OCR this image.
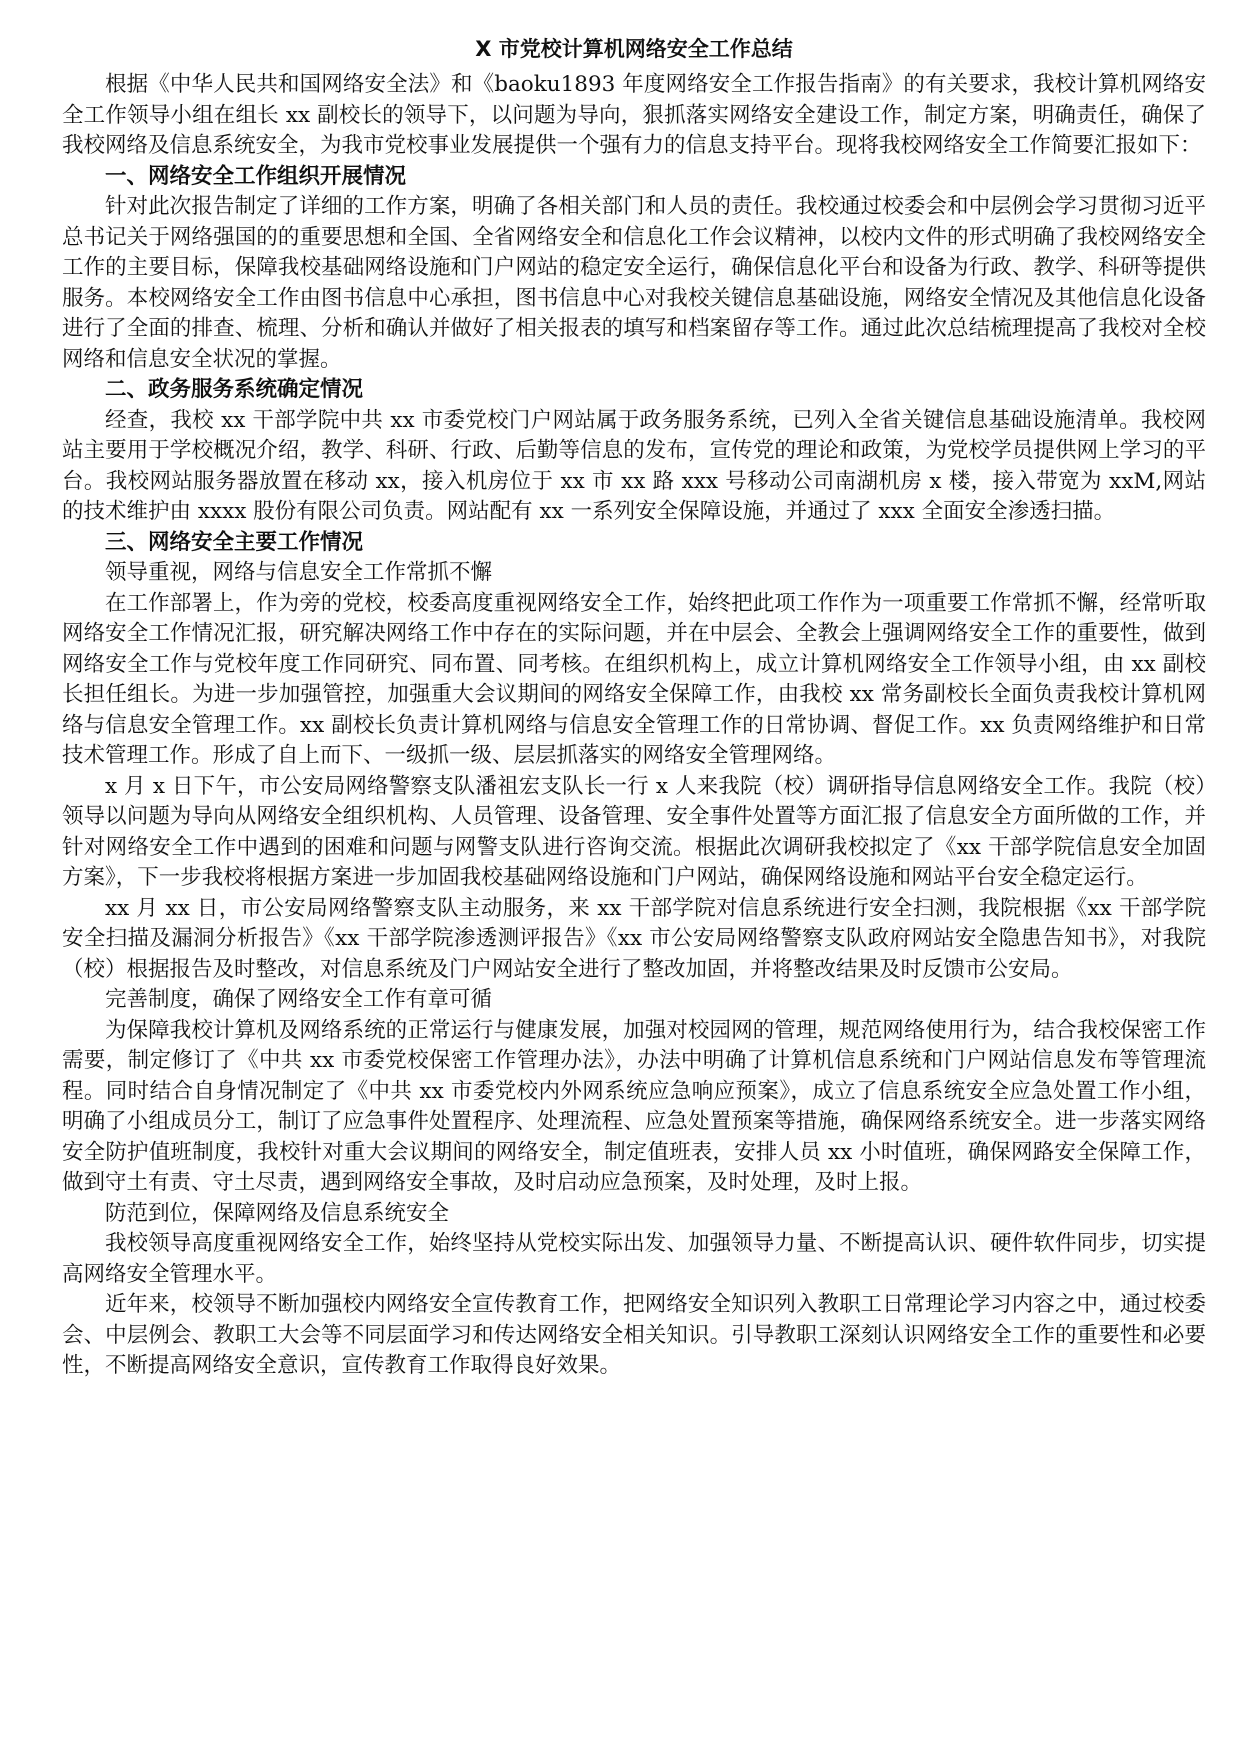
X 市党校计算机网络安全工作总结

根据《中华人民共和国网络安全法》和《baoku1893 年度网络安全工作报告指南》的有关要求，我校计算机网络安全工作领导小组在组长 xx 副校长的领导下，以问题为导向，狠抓落实网络安全建设工作，制定方案，明确责任，确保了我校网络及信息系统安全，为我市党校事业发展提供一个强有力的信息支持平台。现将我校网络安全工作简要汇报如下：

一、网络安全工作组织开展情况

针对此次报告制定了详细的工作方案，明确了各相关部门和人员的责任。我校通过校委会和中层例会学习贯彻习近平总书记关于网络强国的的重要思想和全国、全省网络安全和信息化工作会议精神，以校内文件的形式明确了我校网络安全工作的主要目标，保障我校基础网络设施和门户网站的稳定安全运行，确保信息化平台和设备为行政、教学、科研等提供服务。本校网络安全工作由图书信息中心承担，图书信息中心对我校关键信息基础设施，网络安全情况及其他信息化设备进行了全面的排查、梳理、分析和确认并做好了相关报表的填写和档案留存等工作。通过此次总结梳理提高了我校对全校网络和信息安全状况的掌握。

二、政务服务系统确定情况

经查，我校 xx 干部学院中共 xx 市委党校门户网站属于政务服务系统，已列入全省关键信息基础设施清单。我校网站主要用于学校概况介绍，教学、科研、行政、后勤等信息的发布，宣传党的理论和政策，为党校学员提供网上学习的平台。我校网站服务器放置在移动 xx，接入机房位于 xx 市 xx 路 xxx 号移动公司南湖机房 x 楼，接入带宽为 xxM,网站的技术维护由 xxxx 股份有限公司负责。网站配有 xx 一系列安全保障设施，并通过了 xxx 全面安全渗透扫描。

三、网络安全主要工作情况

领导重视，网络与信息安全工作常抓不懈

在工作部署上，作为旁的党校，校委高度重视网络安全工作，始终把此项工作作为一项重要工作常抓不懈，经常听取网络安全工作情况汇报，研究解决网络工作中存在的实际问题，并在中层会、全教会上强调网络安全工作的重要性，做到网络安全工作与党校年度工作同研究、同布置、同考核。在组织机构上，成立计算机网络安全工作领导小组，由 xx 副校长担任组长。为进一步加强管控，加强重大会议期间的网络安全保障工作，由我校 xx 常务副校长全面负责我校计算机网络与信息安全管理工作。xx 副校长负责计算机网络与信息安全管理工作的日常协调、督促工作。xx 负责网络维护和日常技术管理工作。形成了自上而下、一级抓一级、层层抓落实的网络安全管理网络。

x 月 x 日下午，市公安局网络警察支队潘祖宏支队长一行 x 人来我院（校）调研指导信息网络安全工作。我院（校）领导以问题为导向从网络安全组织机构、人员管理、设备管理、安全事件处置等方面汇报了信息安全方面所做的工作，并针对网络安全工作中遇到的困难和问题与网警支队进行咨询交流。根据此次调研我校拟定了《xx 干部学院信息安全加固方案》，下一步我校将根据方案进一步加固我校基础网络设施和门户网站，确保网络设施和网站平台安全稳定运行。

xx 月 xx 日，市公安局网络警察支队主动服务，来 xx 干部学院对信息系统进行安全扫测，我院根据《xx 干部学院安全扫描及漏洞分析报告》《xx 干部学院渗透测评报告》《xx 市公安局网络警察支队政府网站安全隐患告知书》，对我院（校）根据报告及时整改，对信息系统及门户网站安全进行了整改加固，并将整改结果及时反馈市公安局。

完善制度，确保了网络安全工作有章可循

为保障我校计算机及网络系统的正常运行与健康发展，加强对校园网的管理，规范网络使用行为，结合我校保密工作需要，制定修订了《中共 xx 市委党校保密工作管理办法》，办法中明确了计算机信息系统和门户网站信息发布等管理流程。同时结合自身情况制定了《中共 xx 市委党校内外网系统应急响应预案》，成立了信息系统安全应急处置工作小组，明确了小组成员分工，制订了应急事件处置程序、处理流程、应急处置预案等措施，确保网络系统安全。进一步落实网络安全防护值班制度，我校针对重大会议期间的网络安全，制定值班表，安排人员 xx 小时值班，确保网路安全保障工作，做到守土有责、守土尽责，遇到网络安全事故，及时启动应急预案，及时处理，及时上报。

防范到位，保障网络及信息系统安全

我校领导高度重视网络安全工作，始终坚持从党校实际出发、加强领导力量、不断提高认识、硬件软件同步，切实提高网络安全管理水平。

近年来，校领导不断加强校内网络安全宣传教育工作，把网络安全知识列入教职工日常理论学习内容之中，通过校委会、中层例会、教职工大会等不同层面学习和传达网络安全相关知识。引导教职工深刻认识网络安全工作的重要性和必要性，不断提高网络安全意识，宣传教育工作取得良好效果。
